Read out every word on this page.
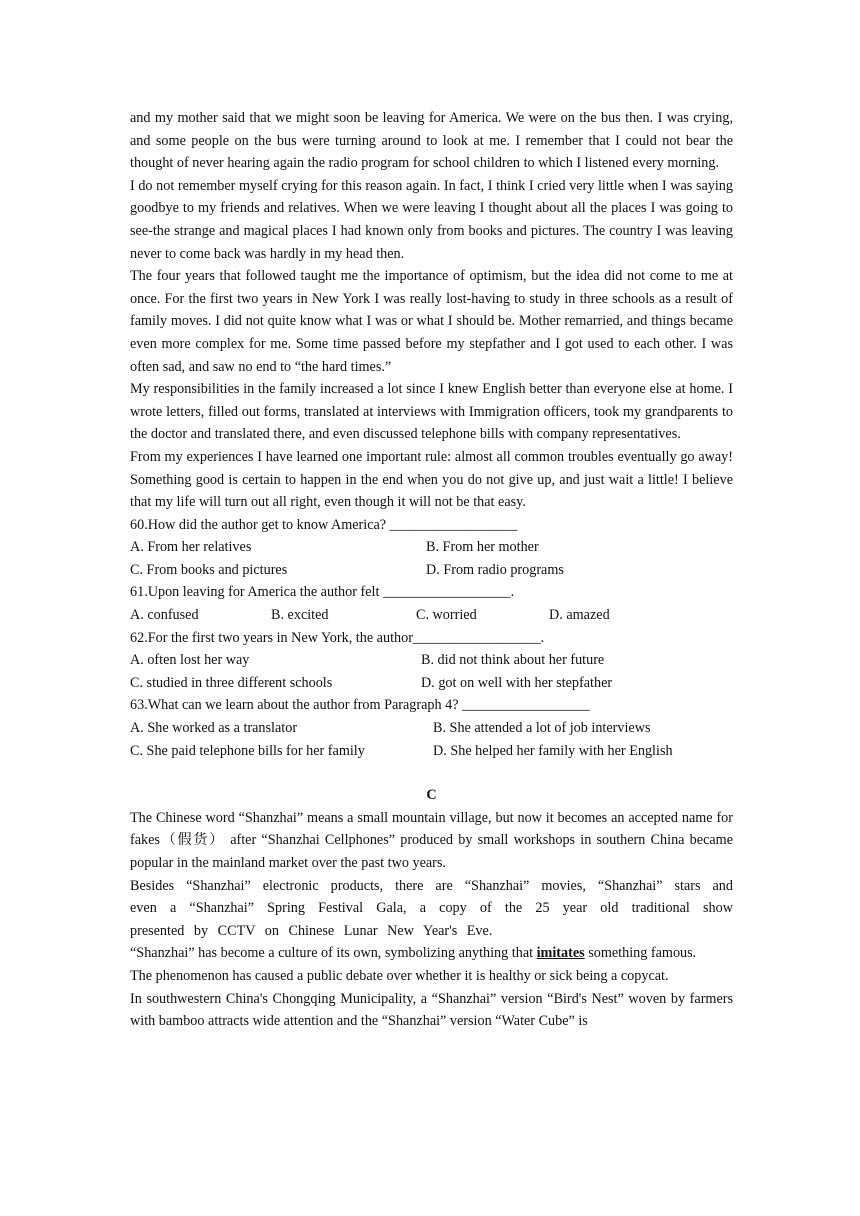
and my mother said that we might soon be leaving for America. We were on the bus then. I was crying, and some people on the bus were turning around to look at me. I remember that I could not bear the thought of never hearing again the radio program for school children to which I listened every morning.

I do not remember myself crying for this reason again. In fact, I think I cried very little when I was saying goodbye to my friends and relatives. When we were leaving I thought about all the places I was going to see-the strange and magical places I had known only from books and pictures. The country I was leaving never to come back was hardly in my head then.

The four years that followed taught me the importance of optimism, but the idea did not come to me at once. For the first two years in New York I was really lost-having to study in three schools as a result of family moves. I did not quite know what I was or what I should be. Mother remarried, and things became even more complex for me. Some time passed before my stepfather and I got used to each other. I was often sad, and saw no end to “the hard times.”

My responsibilities in the family increased a lot since I knew English better than everyone else at home. I wrote letters, filled out forms, translated at interviews with Immigration officers, took my grandparents to the doctor and translated there, and even discussed telephone bills with company representatives.

From my experiences I have learned one important rule: almost all common troubles eventually go away! Something good is certain to happen in the end when you do not give up, and just wait a little! I believe that my life will turn out all right, even though it will not be that easy.

60.How did the author get to know America? __________________

A. From her relatives	B. From her mother
C. From books and pictures	D. From radio programs

61.Upon leaving for America the author felt __________________.

A. confused	B. excited	C. worried	D. amazed

62.For the first two years in New York, the author__________________.

A. often lost her way	B. did not think about her future
C. studied in three different schools	D. got on well with her stepfather

63.What can we learn about the author from Paragraph 4? __________________

A. She worked as a translator	B. She attended a lot of job interviews
C. She paid telephone bills for her family	D. She helped her family with her English

C

The Chinese word “Shanzhai” means a small mountain village, but now it becomes an accepted name for fakes（假货） after “Shanzhai Cellphones” produced by small workshops in southern China became popular in the mainland market over the past two years.

Besides “Shanzhai” electronic products, there are “Shanzhai” movies, “Shanzhai” stars and even a “Shanzhai” Spring Festival Gala, a copy of the 25 year old traditional show presented by CCTV on Chinese Lunar New Year's Eve.

“Shanzhai” has become a culture of its own, symbolizing anything that imitates something famous.

The phenomenon has caused a public debate over whether it is healthy or sick being a copycat.

In southwestern China's Chongqing Municipality, a “Shanzhai” version “Bird's Nest” woven by farmers with bamboo attracts wide attention and the “Shanzhai” version “Water Cube” is
